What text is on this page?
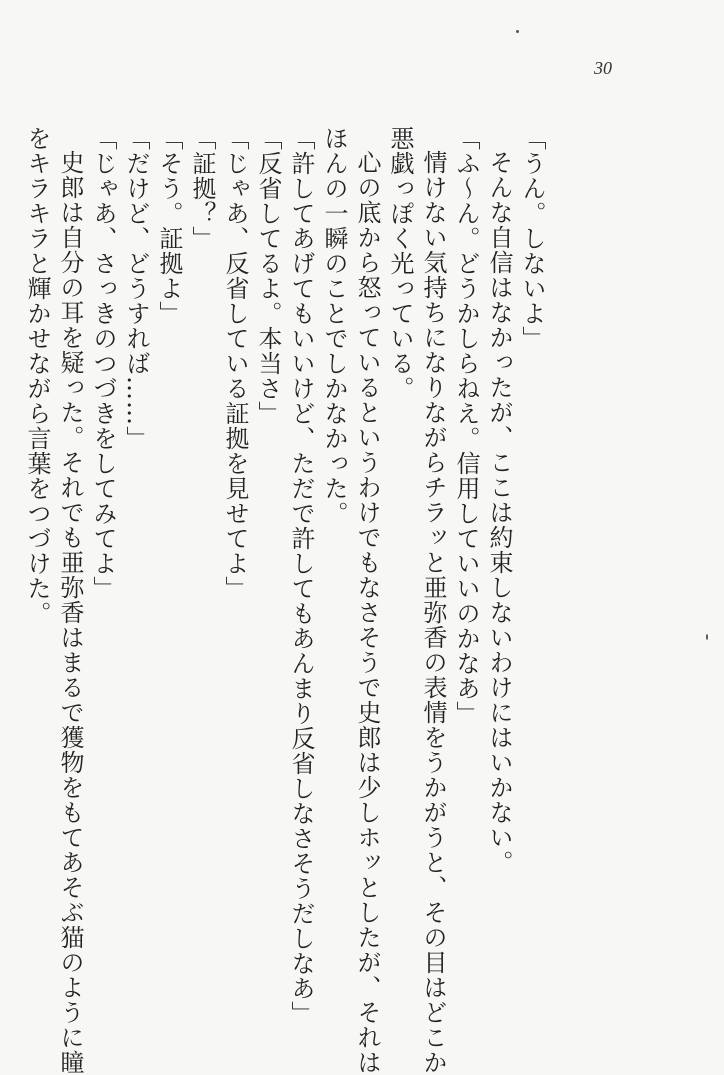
30

「うん。しないよ」

そんな自信はなかったが、ここは約束しないわけにはいかない。

「ふ～ん。どうかしらねえ。信用していいのかなあ」

情けない気持ちになりながらチラッと亜弥香の表情をうかがうと、その目はどこか

悪戯っぽく光っている。

心の底から怒っているというわけでもなさそうで史郎は少しホッとしたが、それは

ほんの一瞬のことでしかなかった。

「許してあげてもいいけど、ただで許してもあんまり反省しなさそうだしなあ」

「反省してるよ。本当さ」

「じゃあ、反省している証拠を見せてよ」

「証拠？」

「そう。証拠よ」

「だけど、どうすれば……」

「じゃあ、さっきのつづきをしてみてよ」

史郎は自分の耳を疑った。それでも亜弥香はまるで獲物をもてあそぶ猫のように瞳

をキラキラと輝かせながら言葉をつづけた。
